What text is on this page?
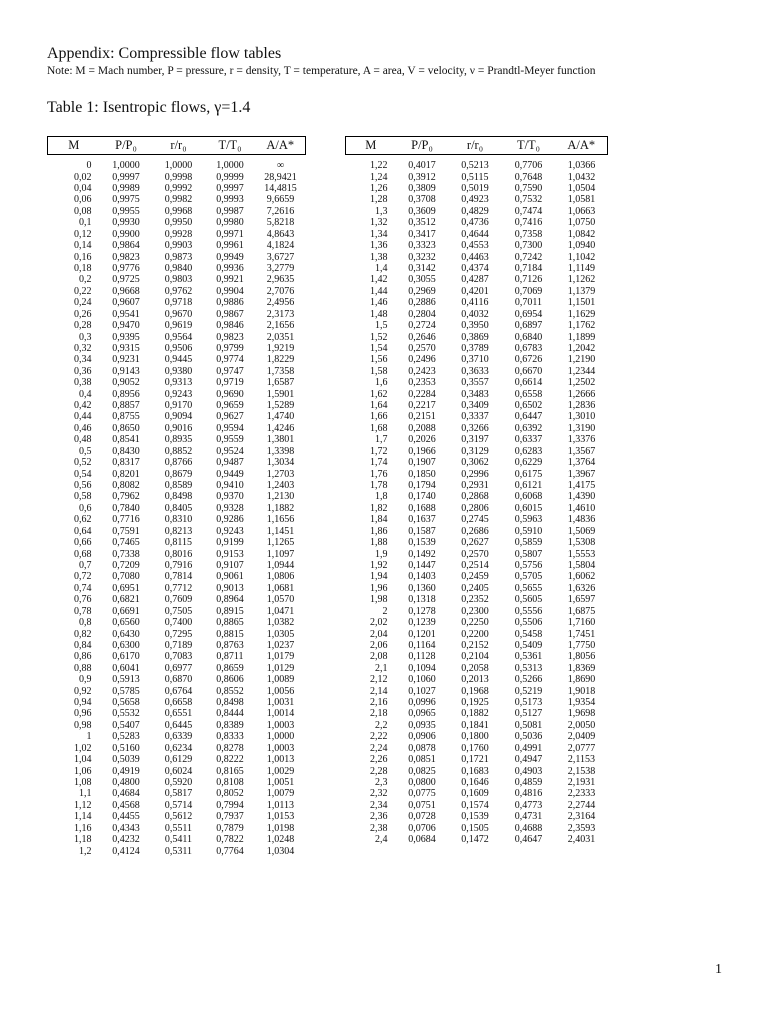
Appendix: Compressible flow tables
Note: M = Mach number, P = pressure, r = density, T = temperature, A = area, V = velocity, ν = Prandtl-Meyer function
Table 1: Isentropic flows, γ=1.4
M	P/P₀	r/r₀	T/T₀	A/A*
0	1,0000	1,0000	1,0000	∞
0,02	0,9997	0,9998	0,9999	28,9421
0,04	0,9989	0,9992	0,9997	14,4815
0,06	0,9975	0,9982	0,9993	9,6659
0,08	0,9955	0,9968	0,9987	7,2616
0,1	0,9930	0,9950	0,9980	5,8218
0,12	0,9900	0,9928	0,9971	4,8643
0,14	0,9864	0,9903	0,9961	4,1824
0,16	0,9823	0,9873	0,9949	3,6727
0,18	0,9776	0,9840	0,9936	3,2779
0,2	0,9725	0,9803	0,9921	2,9635
0,22	0,9668	0,9762	0,9904	2,7076
0,24	0,9607	0,9718	0,9886	2,4956
0,26	0,9541	0,9670	0,9867	2,3173
0,28	0,9470	0,9619	0,9846	2,1656
0,3	0,9395	0,9564	0,9823	2,0351
0,32	0,9315	0,9506	0,9799	1,9219
0,34	0,9231	0,9445	0,9774	1,8229
0,36	0,9143	0,9380	0,9747	1,7358
0,38	0,9052	0,9313	0,9719	1,6587
0,4	0,8956	0,9243	0,9690	1,5901
0,42	0,8857	0,9170	0,9659	1,5289
0,44	0,8755	0,9094	0,9627	1,4740
0,46	0,8650	0,9016	0,9594	1,4246
0,48	0,8541	0,8935	0,9559	1,3801
0,5	0,8430	0,8852	0,9524	1,3398
0,52	0,8317	0,8766	0,9487	1,3034
0,54	0,8201	0,8679	0,9449	1,2703
0,56	0,8082	0,8589	0,9410	1,2403
0,58	0,7962	0,8498	0,9370	1,2130
0,6	0,7840	0,8405	0,9328	1,1882
0,62	0,7716	0,8310	0,9286	1,1656
0,64	0,7591	0,8213	0,9243	1,1451
0,66	0,7465	0,8115	0,9199	1,1265
0,68	0,7338	0,8016	0,9153	1,1097
0,7	0,7209	0,7916	0,9107	1,0944
0,72	0,7080	0,7814	0,9061	1,0806
0,74	0,6951	0,7712	0,9013	1,0681
0,76	0,6821	0,7609	0,8964	1,0570
0,78	0,6691	0,7505	0,8915	1,0471
0,8	0,6560	0,7400	0,8865	1,0382
0,82	0,6430	0,7295	0,8815	1,0305
0,84	0,6300	0,7189	0,8763	1,0237
0,86	0,6170	0,7083	0,8711	1,0179
0,88	0,6041	0,6977	0,8659	1,0129
0,9	0,5913	0,6870	0,8606	1,0089
0,92	0,5785	0,6764	0,8552	1,0056
0,94	0,5658	0,6658	0,8498	1,0031
0,96	0,5532	0,6551	0,8444	1,0014
0,98	0,5407	0,6445	0,8389	1,0003
1	0,5283	0,6339	0,8333	1,0000
1,02	0,5160	0,6234	0,8278	1,0003
1,04	0,5039	0,6129	0,8222	1,0013
1,06	0,4919	0,6024	0,8165	1,0029
1,08	0,4800	0,5920	0,8108	1,0051
1,1	0,4684	0,5817	0,8052	1,0079
1,12	0,4568	0,5714	0,7994	1,0113
1,14	0,4455	0,5612	0,7937	1,0153
1,16	0,4343	0,5511	0,7879	1,0198
1,18	0,4232	0,5411	0,7822	1,0248
1,2	0,4124	0,5311	0,7764	1,0304
M	P/P₀	r/r₀	T/T₀	A/A*
1,22	0,4017	0,5213	0,7706	1,0366
1,24	0,3912	0,5115	0,7648	1,0432
1,26	0,3809	0,5019	0,7590	1,0504
1,28	0,3708	0,4923	0,7532	1,0581
1,3	0,3609	0,4829	0,7474	1,0663
1,32	0,3512	0,4736	0,7416	1,0750
1,34	0,3417	0,4644	0,7358	1,0842
1,36	0,3323	0,4553	0,7300	1,0940
1,38	0,3232	0,4463	0,7242	1,1042
1,4	0,3142	0,4374	0,7184	1,1149
1,42	0,3055	0,4287	0,7126	1,1262
1,44	0,2969	0,4201	0,7069	1,1379
1,46	0,2886	0,4116	0,7011	1,1501
1,48	0,2804	0,4032	0,6954	1,1629
1,5	0,2724	0,3950	0,6897	1,1762
1,52	0,2646	0,3869	0,6840	1,1899
1,54	0,2570	0,3789	0,6783	1,2042
1,56	0,2496	0,3710	0,6726	1,2190
1,58	0,2423	0,3633	0,6670	1,2344
1,6	0,2353	0,3557	0,6614	1,2502
1,62	0,2284	0,3483	0,6558	1,2666
1,64	0,2217	0,3409	0,6502	1,2836
1,66	0,2151	0,3337	0,6447	1,3010
1,68	0,2088	0,3266	0,6392	1,3190
1,7	0,2026	0,3197	0,6337	1,3376
1,72	0,1966	0,3129	0,6283	1,3567
1,74	0,1907	0,3062	0,6229	1,3764
1,76	0,1850	0,2996	0,6175	1,3967
1,78	0,1794	0,2931	0,6121	1,4175
1,8	0,1740	0,2868	0,6068	1,4390
1,82	0,1688	0,2806	0,6015	1,4610
1,84	0,1637	0,2745	0,5963	1,4836
1,86	0,1587	0,2686	0,5910	1,5069
1,88	0,1539	0,2627	0,5859	1,5308
1,9	0,1492	0,2570	0,5807	1,5553
1,92	0,1447	0,2514	0,5756	1,5804
1,94	0,1403	0,2459	0,5705	1,6062
1,96	0,1360	0,2405	0,5655	1,6326
1,98	0,1318	0,2352	0,5605	1,6597
2	0,1278	0,2300	0,5556	1,6875
2,02	0,1239	0,2250	0,5506	1,7160
2,04	0,1201	0,2200	0,5458	1,7451
2,06	0,1164	0,2152	0,5409	1,7750
2,08	0,1128	0,2104	0,5361	1,8056
2,1	0,1094	0,2058	0,5313	1,8369
2,12	0,1060	0,2013	0,5266	1,8690
2,14	0,1027	0,1968	0,5219	1,9018
2,16	0,0996	0,1925	0,5173	1,9354
2,18	0,0965	0,1882	0,5127	1,9698
2,2	0,0935	0,1841	0,5081	2,0050
2,22	0,0906	0,1800	0,5036	2,0409
2,24	0,0878	0,1760	0,4991	2,0777
2,26	0,0851	0,1721	0,4947	2,1153
2,28	0,0825	0,1683	0,4903	2,1538
2,3	0,0800	0,1646	0,4859	2,1931
2,32	0,0775	0,1609	0,4816	2,2333
2,34	0,0751	0,1574	0,4773	2,2744
2,36	0,0728	0,1539	0,4731	2,3164
2,38	0,0706	0,1505	0,4688	2,3593
2,4	0,0684	0,1472	0,4647	2,4031
1
